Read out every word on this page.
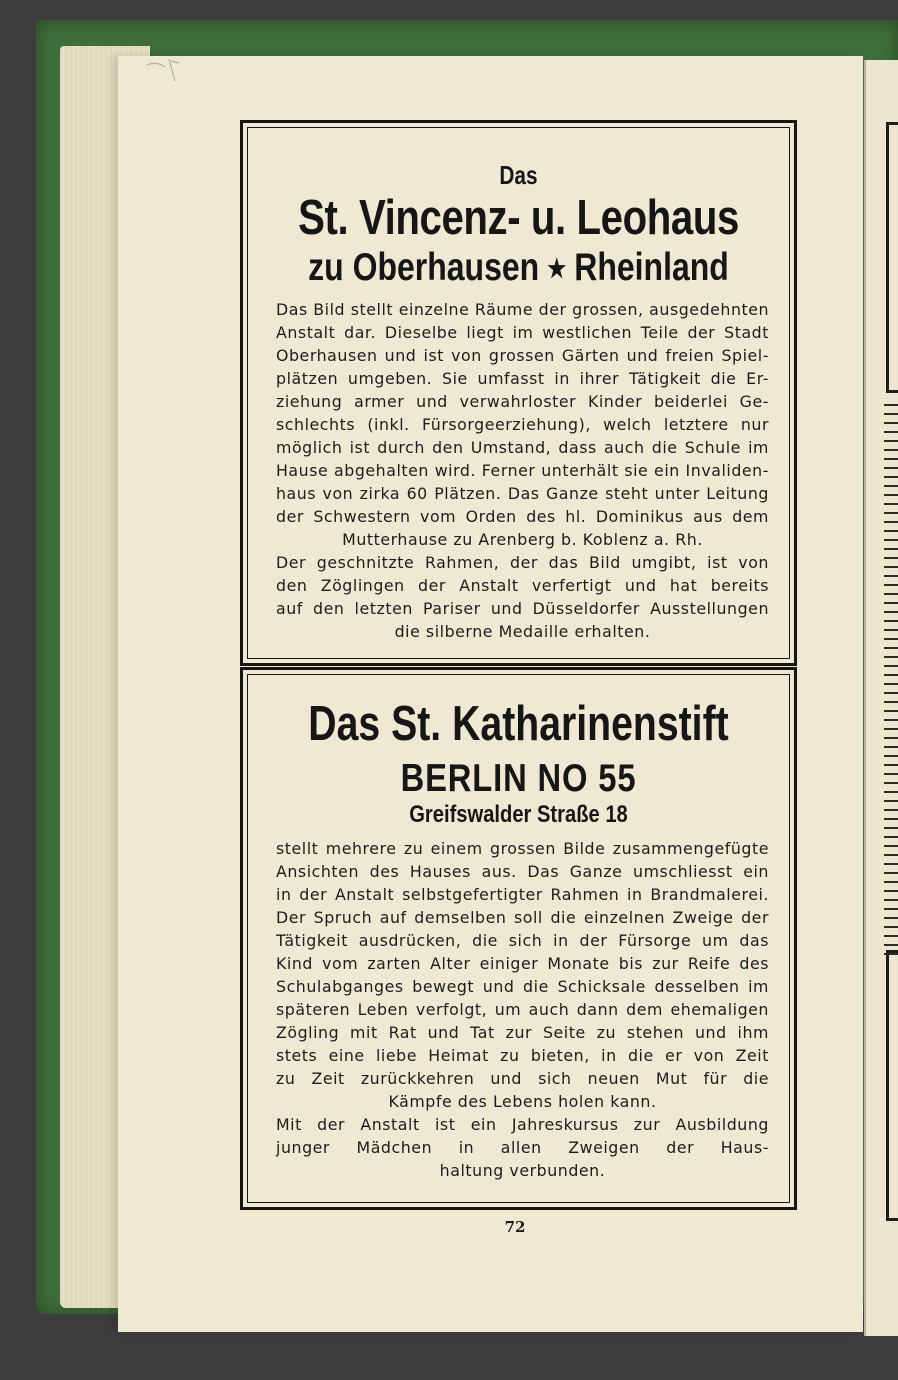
Das

St. Vincenz- u. Leohaus

zu Oberhausen ⭑ Rheinland

Das Bild stellt einzelne Räume der grossen, ausgedehnten
Anstalt dar. Dieselbe liegt im westlichen Teile der Stadt
Oberhausen und ist von grossen Gärten und freien Spiel-
plätzen umgeben. Sie umfasst in ihrer Tätigkeit die Er-
ziehung armer und verwahrloster Kinder beiderlei Ge-
schlechts (inkl. Fürsorgeerziehung), welch letztere nur
möglich ist durch den Umstand, dass auch die Schule im
Hause abgehalten wird. Ferner unterhält sie ein Invaliden-
haus von zirka 60 Plätzen. Das Ganze steht unter Leitung
der Schwestern vom Orden des hl. Dominikus aus dem
Mutterhause zu Arenberg b. Koblenz a. Rh.
Der geschnitzte Rahmen, der das Bild umgibt, ist von
den Zöglingen der Anstalt verfertigt und hat bereits
auf den letzten Pariser und Düsseldorfer Ausstellungen
die silberne Medaille erhalten.

Das St. Katharinenstift

BERLIN NO 55

Greifswalder Straße 18

stellt mehrere zu einem grossen Bilde zusammengefügte
Ansichten des Hauses aus. Das Ganze umschliesst ein
in der Anstalt selbstgefertigter Rahmen in Brandmalerei.
Der Spruch auf demselben soll die einzelnen Zweige der
Tätigkeit ausdrücken, die sich in der Fürsorge um das
Kind vom zarten Alter einiger Monate bis zur Reife des
Schulabganges bewegt und die Schicksale desselben im
späteren Leben verfolgt, um auch dann dem ehemaligen
Zögling mit Rat und Tat zur Seite zu stehen und ihm
stets eine liebe Heimat zu bieten, in die er von Zeit
zu Zeit zurückkehren und sich neuen Mut für die
Kämpfe des Lebens holen kann.
Mit der Anstalt ist ein Jahreskursus zur Ausbildung
junger Mädchen in allen Zweigen der Haus-
haltung verbunden.
72
